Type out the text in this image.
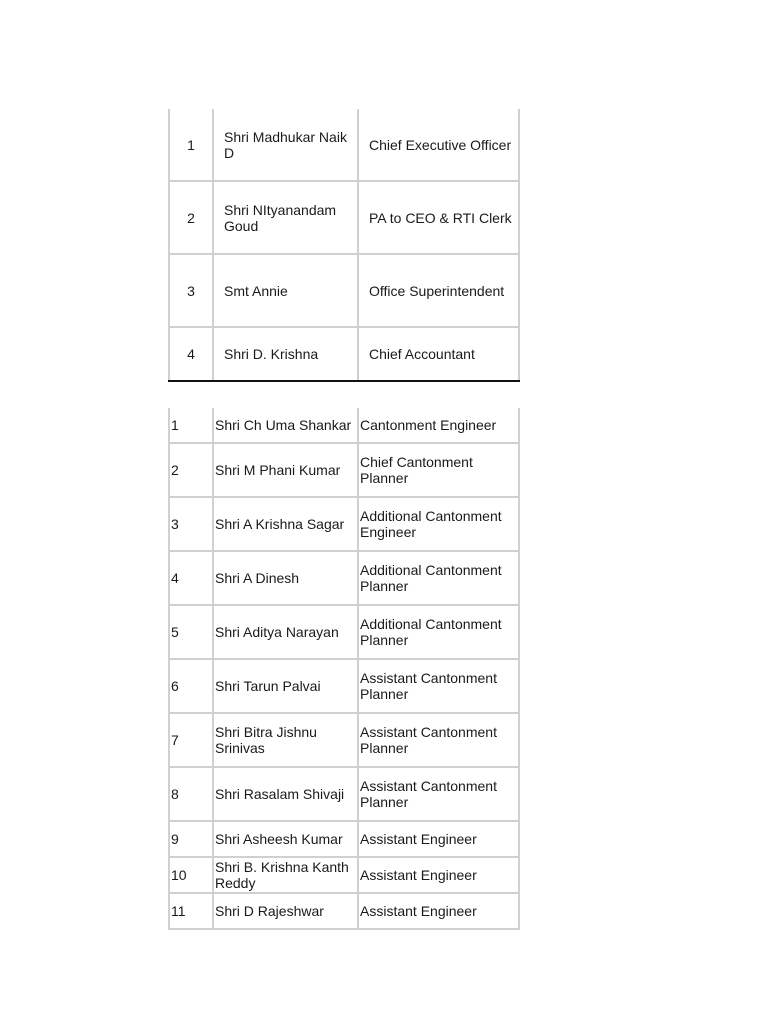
1	Shri Madhukar Naik D	Chief Executive Officer
2	Shri NItyanandam Goud	PA to CEO & RTI Clerk
3	Smt Annie	Office Superintendent
4	Shri D. Krishna	Chief Accountant
1	Shri Ch Uma Shankar	Cantonment Engineer
2	Shri M Phani Kumar	Chief Cantonment Planner
3	Shri A Krishna Sagar	Additional Cantonment Engineer
4	Shri A Dinesh	Additional Cantonment Planner
5	Shri Aditya Narayan	Additional Cantonment Planner
6	Shri Tarun Palvai	Assistant Cantonment Planner
7	Shri Bitra Jishnu Srinivas	Assistant Cantonment Planner
8	Shri Rasalam Shivaji	Assistant Cantonment Planner
9	Shri Asheesh Kumar	Assistant Engineer
10	Shri B. Krishna Kanth Reddy	Assistant Engineer
11	Shri D Rajeshwar	Assistant Engineer
